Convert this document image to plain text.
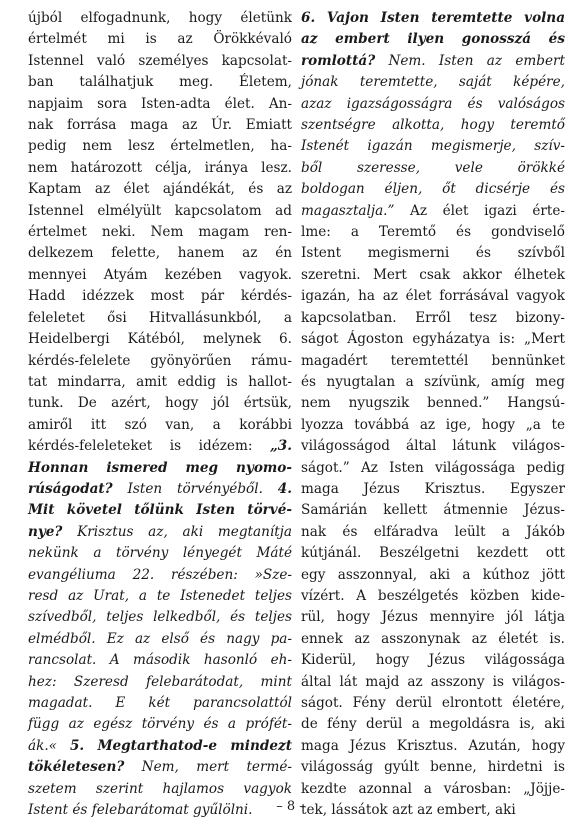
újból elfogadnunk, hogy életünk
értelmét mi is az Örökkévaló
Istennel való személyes kapcsolat-
ban találhatjuk meg. Életem,
napjaim sora Isten-adta élet. An-
nak forrása maga az Úr. Emiatt
pedig nem lesz értelmetlen, ha-
nem határozott célja, iránya lesz.
Kaptam az élet ajándékát, és az
Istennel elmélyült kapcsolatom ad
értelmet neki. Nem magam ren-
delkezem felette, hanem az én
mennyei Atyám kezében vagyok.
Hadd idézzek most pár kérdés-
feleletet ősi Hitvallásunkból, a
Heidelbergi Kátéból, melynek 6.
kérdés-felelete gyönyörűen rámu-
tat mindarra, amit eddig is hallot-
tunk. De azért, hogy jól értsük,
amiről itt szó van, a korábbi
kérdés-feleleteket is idézem: „3.
Honnan ismered meg nyomo-
rúságodat? Isten törvényéből. 4.
Mit követel tőlünk Isten törvé-
nye? Krisztus az, aki megtanítja
nekünk a törvény lényegét Máté
evangéliuma 22. részében: »Sze-
resd az Urat, a te Istenedet teljes
szívedből, teljes lelkedből, és teljes
elmédből. Ez az első és nagy pa-
rancsolat. A második hasonló eh-
hez: Szeresd felebarátodat, mint
magadat. E két parancsolattól
függ az egész törvény és a prófét-
ák.« 5. Megtarthatod-e mindezt
tökéletesen? Nem, mert termé-
szetem szerint hajlamos vagyok
Istent és felebarátomat gyűlölni.
6. Vajon Isten teremtette volna
az embert ilyen gonosszá és
romlottá? Nem. Isten az embert
jónak teremtette, saját képére,
azaz igazságosságra és valóságos
szentségre alkotta, hogy teremtő
Istenét igazán megismerje, szív-
ből szeresse, vele örökké
boldogan éljen, őt dicsérje és
magasztalja.” Az élet igazi érte-
lme: a Teremtő és gondviselő
Istent megismerni és szívből
szeretni. Mert csak akkor élhetek
igazán, ha az élet forrásával vagyok
kapcsolatban. Erről tesz bizony-
ságot Ágoston egyházatya is: „Mert
magadért teremtettél bennünket
és nyugtalan a szívünk, amíg meg
nem nyugszik benned.” Hangsú-
lyozza továbbá az ige, hogy „a te
világosságod által látunk világos-
ságot.” Az Isten világossága pedig
maga Jézus Krisztus. Egyszer
Samárián kellett átmennie Jézus-
nak és elfáradva leült a Jákób
kútjánál. Beszélgetni kezdett ott
egy asszonnyal, aki a kúthoz jött
vízért. A beszélgetés közben kide-
rül, hogy Jézus mennyire jól látja
ennek az asszonynak az életét is.
Kiderül, hogy Jézus világossága
által lát majd az asszony is világos-
ságot. Fény derül elrontott életére,
de fény derül a megoldásra is, aki
maga Jézus Krisztus. Azután, hogy
világosság gyúlt benne, hirdetni is
kezdte azonnal a városban: „Jöjje-
tek, lássátok azt az embert, aki
– 8 –
